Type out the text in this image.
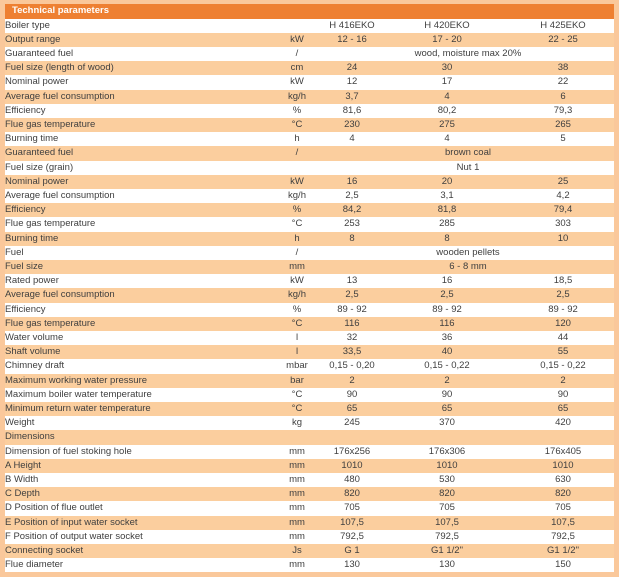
Technical parameters
Boiler type		H 416EKO	H 420EKO	H 425EKO
Output range	kW	12 - 16	17 - 20	22 - 25
Guaranteed fuel	/	wood, moisture max 20%		
Fuel size (length of wood)	cm	24	30	38
Nominal power	kW	12	17	22
Average fuel consumption	kg/h	3,7	4	6
Efficiency	%	81,6	80,2	79,3
Flue gas temperature	°C	230	275	265
Burning time	h	4	4	5
Guaranteed fuel	/	brown coal		
Fuel size (grain)		Nut 1		
Nominal power	kW	16	20	25
Average fuel consumption	kg/h	2,5	3,1	4,2
Efficiency	%	84,2	81,8	79,4
Flue gas temperature	°C	253	285	303
Burning time	h	8	8	10
Fuel	/	wooden pellets		
Fuel size	mm	6 - 8 mm		
Rated power	kW	13	16	18,5
Average fuel consumption	kg/h	2,5	2,5	2,5
Efficiency	%	89 - 92	89 - 92	89 - 92
Flue gas temperature	°C	116	116	120
Water volume	l	32	36	44
Shaft volume	l	33,5	40	55
Chimney draft	mbar	0,15 - 0,20	0,15 - 0,22	0,15 - 0,22
Maximum working water pressure	bar	2	2	2
Maximum boiler water temperature	°C	90	90	90
Minimum return water temperature	°C	65	65	65
Weight	kg	245	370	420
Dimensions				
Dimension of fuel stoking hole	mm	176x256	176x306	176x405
A Height	mm	1010	1010	1010
B Width	mm	480	530	630
C Depth	mm	820	820	820
D Position of flue outlet	mm	705	705	705
E Position of input water socket	mm	107,5	107,5	107,5
F Position of output water socket	mm	792,5	792,5	792,5
Connecting socket	Js	G 1	G1 1/2"	G1 1/2"
Flue diameter	mm	130	130	150
